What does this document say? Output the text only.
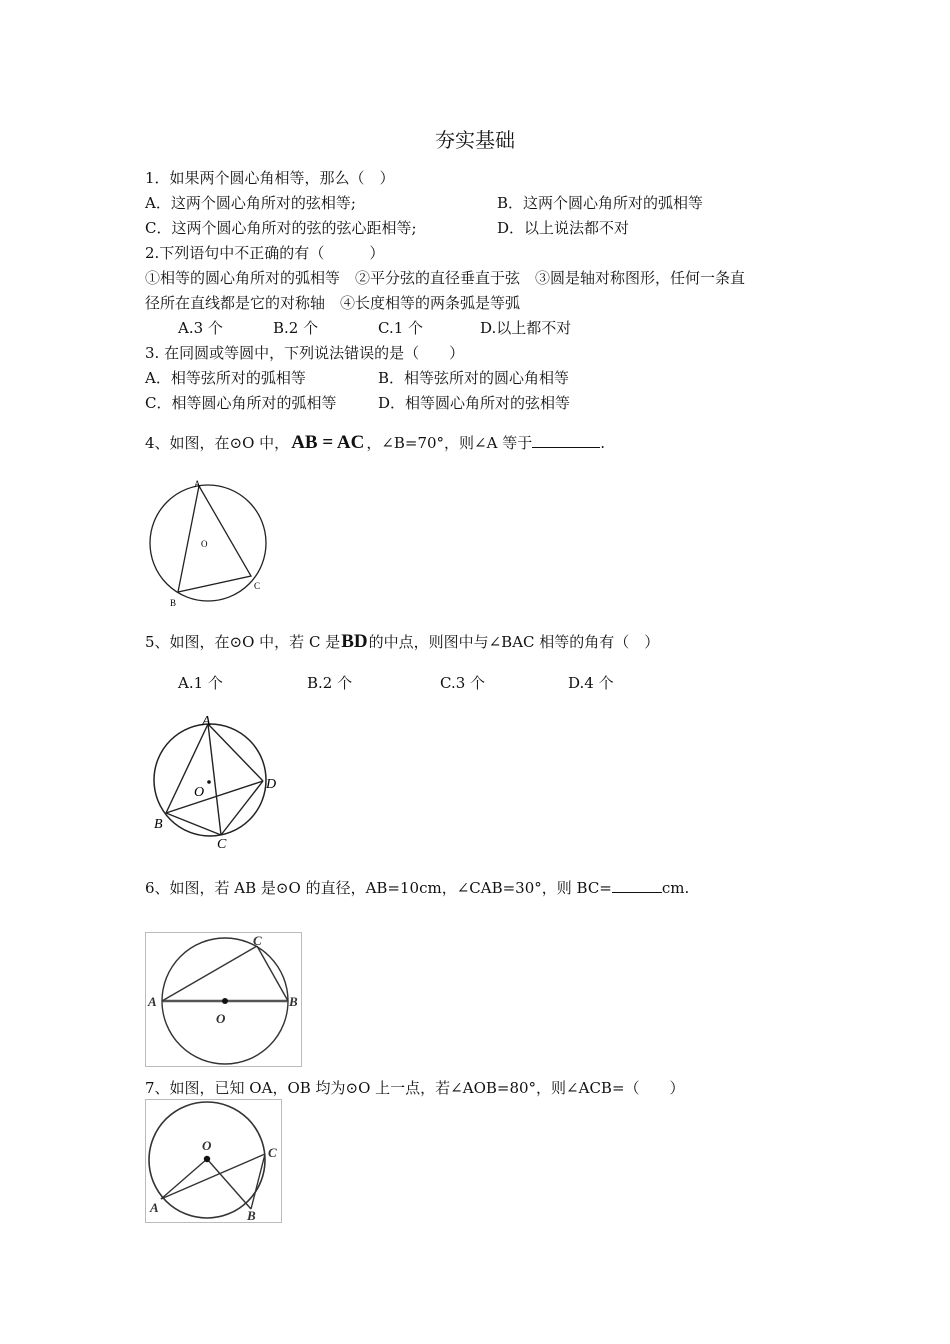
夯实基础
1．如果两个圆心角相等，那么（　）
A．这两个圆心角所对的弦相等;	B．这两个圆心角所对的弧相等
C．这两个圆心角所对的弦的弦心距相等;	D．以上说法都不对
2.下列语句中不正确的有（　　　）
①相等的圆心角所对的弧相等　②平分弦的直径垂直于弦　③圆是轴对称图形，任何一条直
径所在直线都是它的对称轴　④长度相等的两条弧是等弧
A.3 个	B.2 个	C.1 个	D.以上都不对
3. 在同圆或等圆中，下列说法错误的是（　　）
A．相等弦所对的弧相等	B．相等弦所对的圆心角相等
C．相等圆心角所对的弧相等	D．相等圆心角所对的弦相等
4、如图，在⊙O 中， AB = AC ，∠B=70°，则∠A 等于	.
A
B
C
O
5、如图，在⊙O 中，若 C 是BD的中点，则图中与∠BAC 相等的角有（　）
A.1 个	B.2 个	C.3 个	D.4 个
A
B
C
D
O
6、如图，若 AB 是⊙O 的直径，AB=10cm，∠CAB=30°，则 BC=	cm.
A	B
C
O
7、如图，已知 OA，OB 均为⊙O 上一点，若∠AOB=80°，则∠ACB=（　　）
O
A
B
C
